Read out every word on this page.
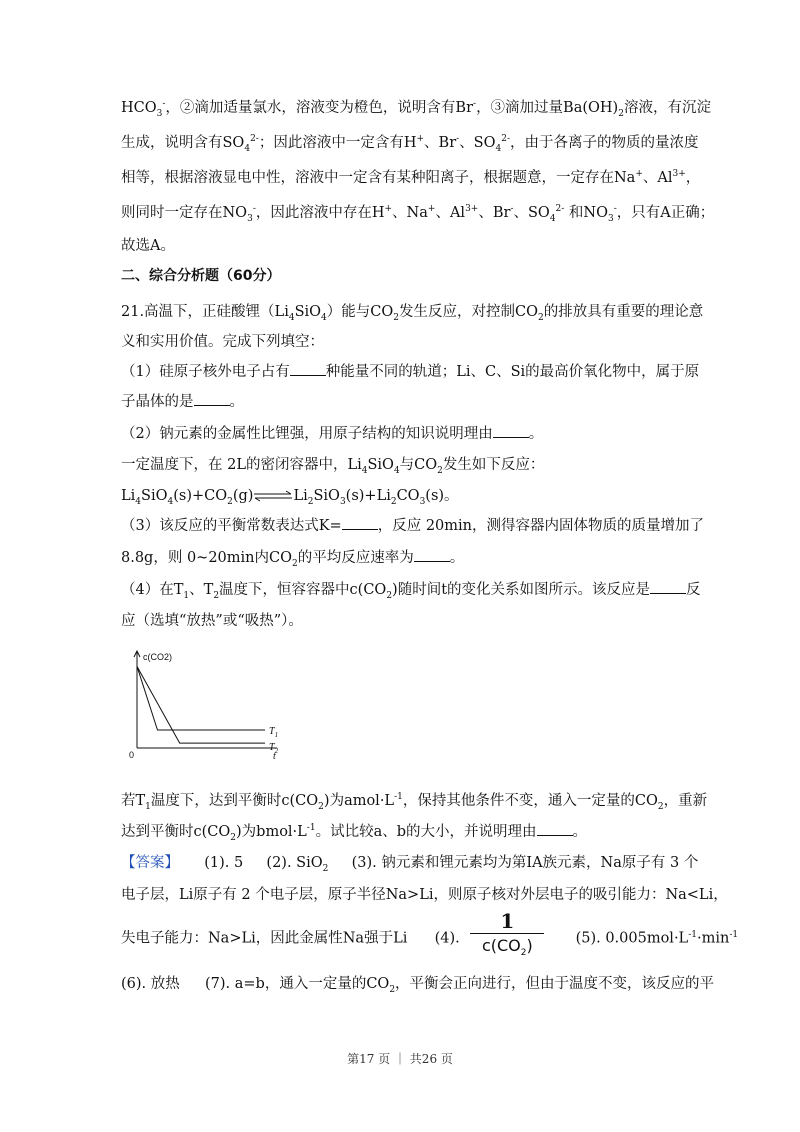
$HCO_3^-$，②滴加适量氯水，溶液变为橙色，说明含有Br-，③滴加过量$Ba(OH)_2$溶液，有沉淀
生成，说明含有$SO_4^{2-}$；因此溶液中一定含有H+、Br-、$SO_4^{2-}$，由于各离子的物质的量浓度
相等，根据溶液显电中性，溶液中一定含有某种阳离子，根据题意，一定存在Na+、$Al^{3+}$，
则同时一定存在$NO_3^-$，因此溶液中存在H+、Na+、$Al^{3+}$、Br-、$SO_4^{2-}$ 和$NO_3^-$，只有A正确；
故选A。
二、综合分析题（60分）
21.高温下，正硅酸锂$(Li_4SiO_4)$能与$CO_2$发生反应，对控制$CO_2$的排放具有重要的理论意
义和实用价值。完成下列填空：
（1）硅原子核外电子占有 种能量不同的轨道；Li、C、Si的最高价氧化物中，属于原
子晶体的是 。
（2）钠元素的金属性比锂强，用原子结构的知识说明理由 。
一定温度下，在 2L的密闭容器中，$Li_4SiO_4$与$CO_2$发生如下反应：
$Li_4SiO_4(s)+CO_2(g)\rightleftharpoons Li_2SiO_3(s)+Li_2CO_3(s)$。
（3）该反应的平衡常数表达式K= ，反应 20min，测得容器内固体物质的质量增加了
8.8g，则 0~20min内$CO_2$的平均反应速率为 。
（4）在$T_1$、$T_2$温度下，恒容容器中$c(CO_2)$随时间t的变化关系如图所示。该反应是 反
应（选填“放热”或“吸热”）。
c(CO2)
t
0
$T_1$
$T_2$
若$T_1$温度下，达到平衡时$c(CO_2)$为$amol\cdot L^{-1}$，保持其他条件不变，通入一定量的$CO_2$，重新
达到平衡时$c(CO_2)$为$bmol\cdot L^{-1}$。试比较a、b的大小，并说明理由 。
【答案】 (1). 5 (2). SiO$_2$ (3). 钠元素和锂元素均为第ⅠA族元素，Na原子有 3 个
电子层，Li原子有 2 个电子层，原子半径Na>Li，则原子核对外层电子的吸引能力：Na<Li，
失电子能力：Na>Li，因此金属性Na强于Li (4). $\frac{1}{c(CO_2)} (5)$. $0.005mol\cdot L^{-1}\cdot\min^{-1}$
(6). 放热 (7). a=b，通入一定量的$CO_2$，平衡会正向进行，但由于温度不变，该反应的平
第17 页 ｜ 共26 页
